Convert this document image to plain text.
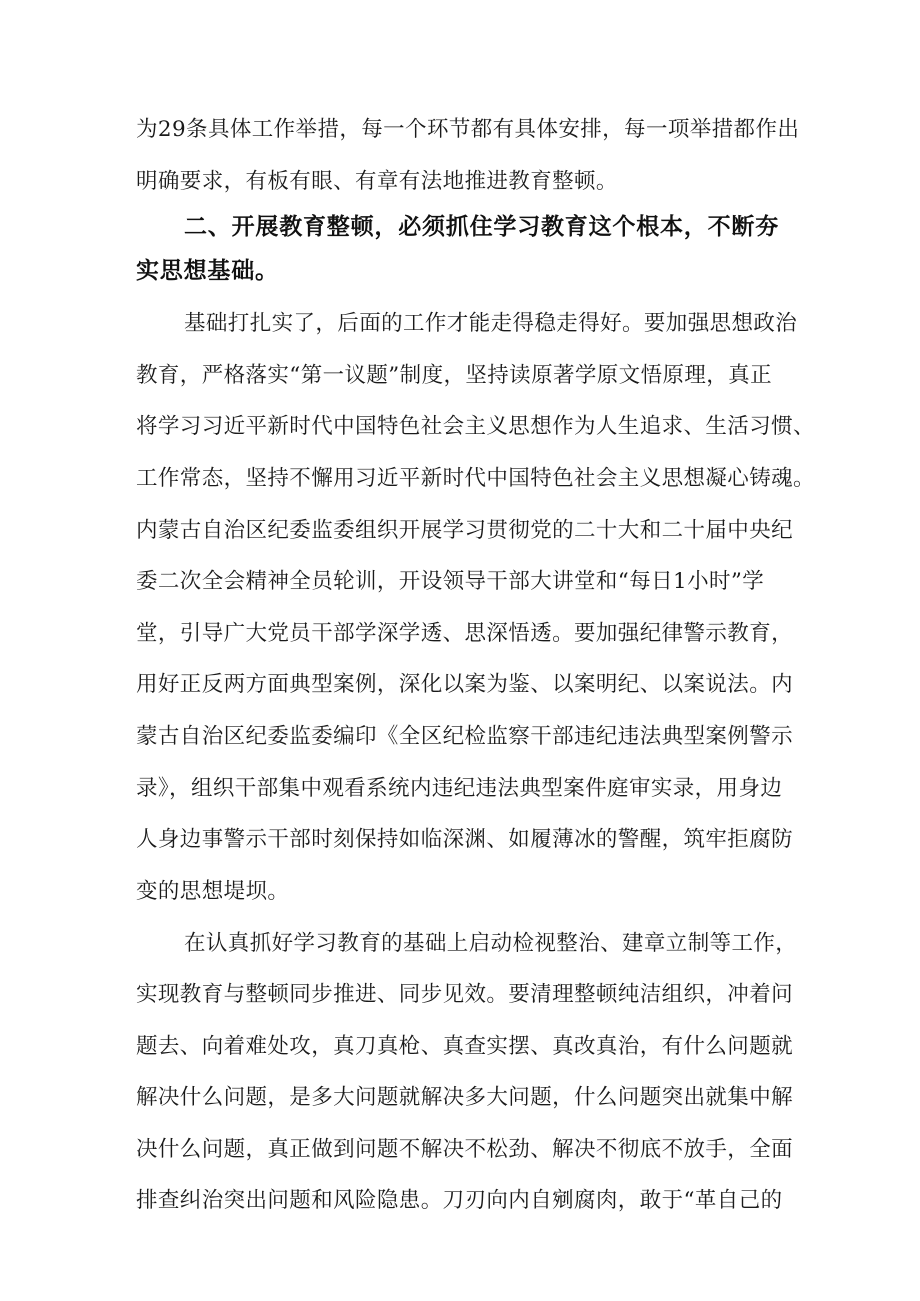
为29条具体工作举措，每一个环节都有具体安排，每一项举措都作出

明确要求，有板有眼、有章有法地推进教育整顿。

二、开展教育整顿，必须抓住学习教育这个根本，不断夯

实思想基础。

基础打扎实了，后面的工作才能走得稳走得好。要加强思想政治

教育，严格落实“第一议题”制度，坚持读原著学原文悟原理，真正

将学习习近平新时代中国特色社会主义思想作为人生追求、生活习惯、

工作常态，坚持不懈用习近平新时代中国特色社会主义思想凝心铸魂。

内蒙古自治区纪委监委组织开展学习贯彻党的二十大和二十届中央纪

委二次全会精神全员轮训，开设领导干部大讲堂和“每日1小时”学

堂，引导广大党员干部学深学透、思深悟透。要加强纪律警示教育，

用好正反两方面典型案例，深化以案为鉴、以案明纪、以案说法。内

蒙古自治区纪委监委编印《全区纪检监察干部违纪违法典型案例警示

录》，组织干部集中观看系统内违纪违法典型案件庭审实录，用身边

人身边事警示干部时刻保持如临深渊、如履薄冰的警醒，筑牢拒腐防

变的思想堤坝。

在认真抓好学习教育的基础上启动检视整治、建章立制等工作，

实现教育与整顿同步推进、同步见效。要清理整顿纯洁组织，冲着问

题去、向着难处攻，真刀真枪、真查实摆、真改真治，有什么问题就

解决什么问题，是多大问题就解决多大问题，什么问题突出就集中解

决什么问题，真正做到问题不解决不松劲、解决不彻底不放手，全面

排查纠治突出问题和风险隐患。刀刃向内自剜腐肉，敢于“革自己的
